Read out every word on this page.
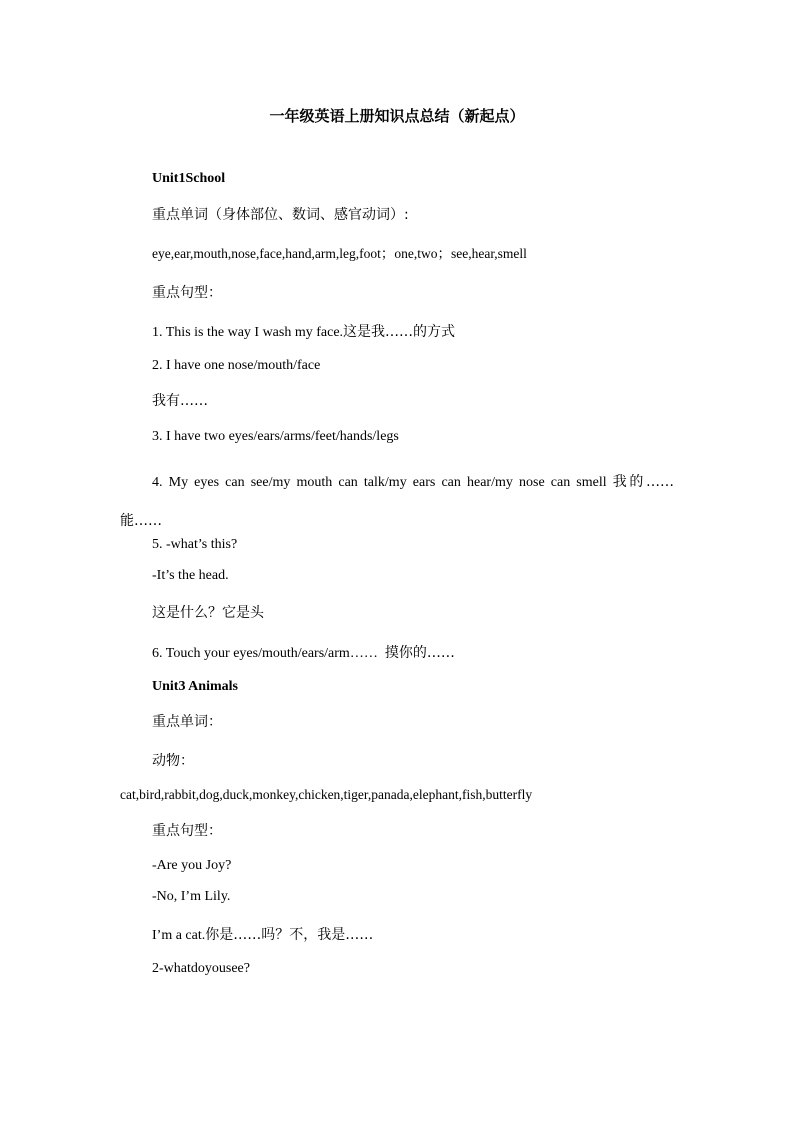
一年级英语上册知识点总结（新起点）
Unit1School
重点单词（身体部位、数词、感官动词）:
eye,ear,mouth,nose,face,hand,arm,leg,foot；one,two；see,hear,smell
重点句型：
1. This is the way I wash my face.这是我……的方式
2. I have one nose/mouth/face
我有……
3. I have two eyes/ears/arms/feet/hands/legs
4. My eyes can see/my mouth can talk/my ears can hear/my nose can smell 我的……能……
5. -what’s this?
-It’s the head.
这是什么？它是头
6. Touch your eyes/mouth/ears/arm…… 摸你的……
Unit3 Animals
重点单词：
动物：
cat,bird,rabbit,dog,duck,monkey,chicken,tiger,panada,elephant,fish,butterfly
重点句型：
-Are you Joy?
-No, I’m Lily.
I’m a cat.你是……吗？不，我是……
2-whatdoyousee?
